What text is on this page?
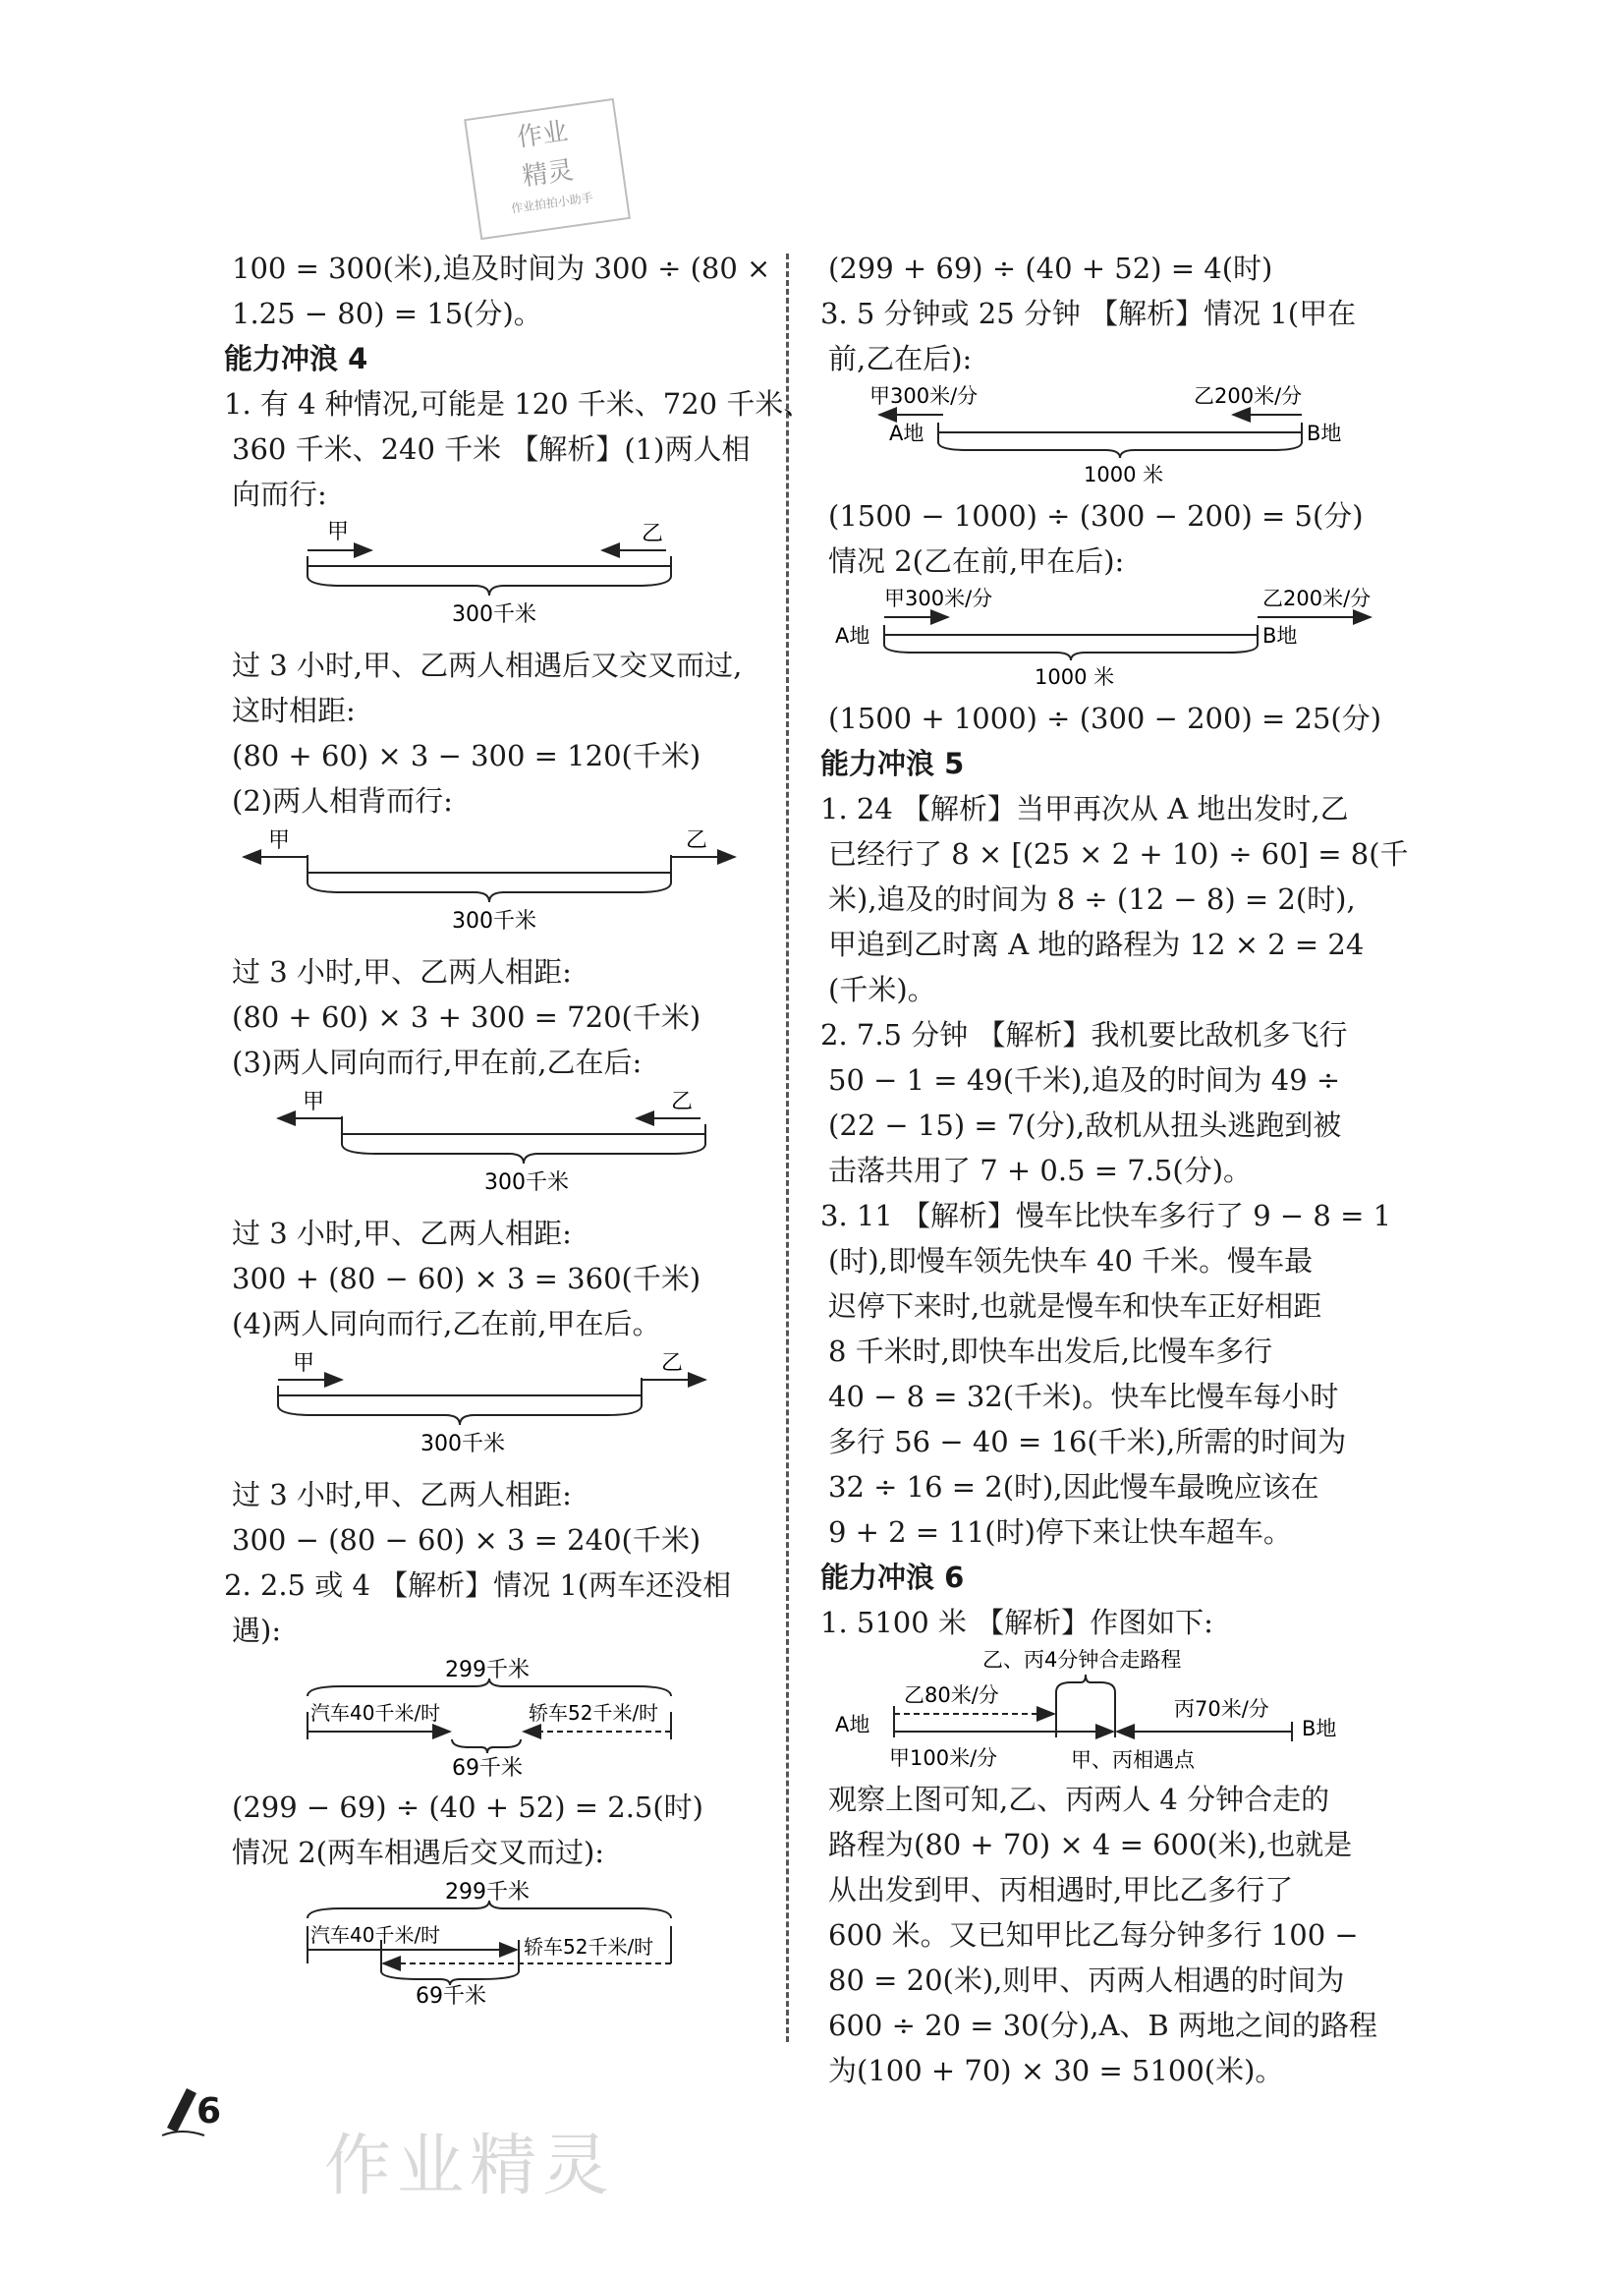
作业
精灵
作业拍拍小助手
100 = 300(米),追及时间为 300 ÷ (80 ×
1.25 − 80) = 15(分)。
能力冲浪 4
1. 有 4 种情况,可能是 120 千米、720 千米、
360 千米、240 千米 【解析】(1)两人相
向而行:
甲	乙
300千米
过 3 小时,甲、乙两人相遇后又交叉而过,
这时相距:
(80 + 60) × 3 − 300 = 120(千米)
(2)两人相背而行:
甲	乙
300千米
过 3 小时,甲、乙两人相距:
(80 + 60) × 3 + 300 = 720(千米)
(3)两人同向而行,甲在前,乙在后:
甲	乙
300千米
过 3 小时,甲、乙两人相距:
300 + (80 − 60) × 3 = 360(千米)
(4)两人同向而行,乙在前,甲在后。
甲	乙
300千米
过 3 小时,甲、乙两人相距:
300 − (80 − 60) × 3 = 240(千米)
2. 2.5 或 4 【解析】情况 1(两车还没相
遇):
299千米
汽车40千米/时	轿车52千米/时
69千米
(299 − 69) ÷ (40 + 52) = 2.5(时)
情况 2(两车相遇后交叉而过):
299千米
汽车40千米/时	轿车52千米/时
69千米
(299 + 69) ÷ (40 + 52) = 4(时)
3. 5 分钟或 25 分钟 【解析】情况 1(甲在
前,乙在后):
甲300米/分	乙200米/分
A地	B地
1000 米
(1500 − 1000) ÷ (300 − 200) = 5(分)
情况 2(乙在前,甲在后):
甲300米/分	乙200米/分
A地	B地
1000 米
(1500 + 1000) ÷ (300 − 200) = 25(分)
能力冲浪 5
1. 24 【解析】当甲再次从 A 地出发时,乙
已经行了 8 × [(25 × 2 + 10) ÷ 60] = 8(千
米),追及的时间为 8 ÷ (12 − 8) = 2(时),
甲追到乙时离 A 地的路程为 12 × 2 = 24
(千米)。
2. 7.5 分钟 【解析】我机要比敌机多飞行
50 − 1 = 49(千米),追及的时间为 49 ÷
(22 − 15) = 7(分),敌机从扭头逃跑到被
击落共用了 7 + 0.5 = 7.5(分)。
3. 11 【解析】慢车比快车多行了 9 − 8 = 1
(时),即慢车领先快车 40 千米。慢车最
迟停下来时,也就是慢车和快车正好相距
8 千米时,即快车出发后,比慢车多行
40 − 8 = 32(千米)。快车比慢车每小时
多行 56 − 40 = 16(千米),所需的时间为
32 ÷ 16 = 2(时),因此慢车最晚应该在
9 + 2 = 11(时)停下来让快车超车。
能力冲浪 6
1. 5100 米 【解析】作图如下:
乙、丙4分钟合走路程
乙80米/分
A地
丙70米/分
B地
甲100米/分	甲、丙相遇点
观察上图可知,乙、丙两人 4 分钟合走的
路程为(80 + 70) × 4 = 600(米),也就是
从出发到甲、丙相遇时,甲比乙多行了
600 米。又已知甲比乙每分钟多行 100 −
80 = 20(米),则甲、丙两人相遇的时间为
600 ÷ 20 = 30(分),A、B 两地之间的路程
为(100 + 70) × 30 = 5100(米)。
6
作业精灵
